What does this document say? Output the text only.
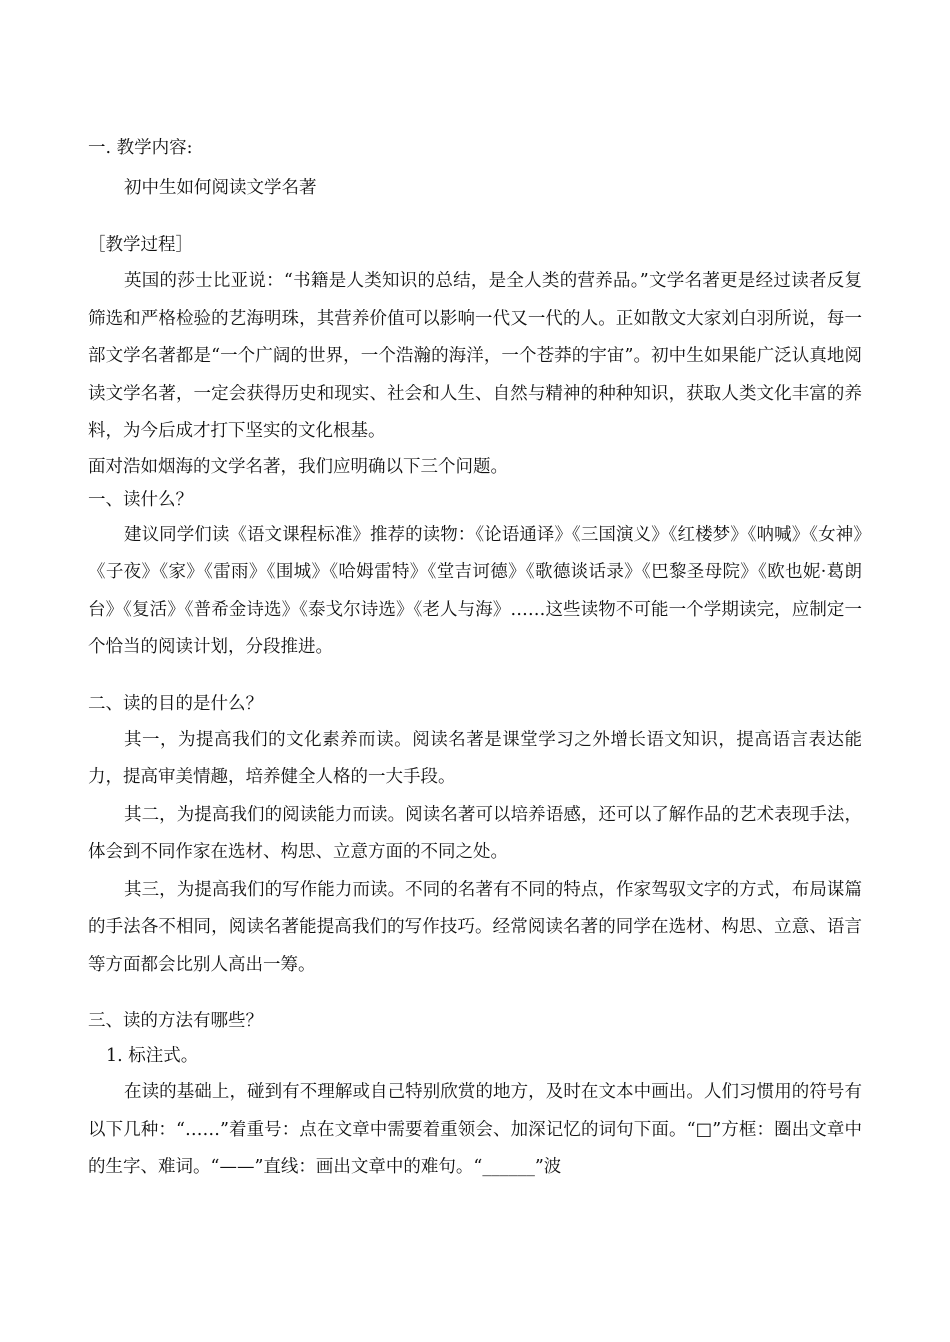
一. 教学内容:
初中生如何阅读文学名著
［教学过程］

英国的莎士比亚说：“书籍是人类知识的总结，是全人类的营养品。”文学名著更是经过读者反复筛选和严格检验的艺海明珠，其营养价值可以影响一代又一代的人。正如散文大家刘白羽所说，每一部文学名著都是“一个广阔的世界，一个浩瀚的海洋，一个苍莽的宇宙”。初中生如果能广泛认真地阅读文学名著，一定会获得历史和现实、社会和人生、自然与精神的种种知识，获取人类文化丰富的养料，为今后成才打下坚实的文化根基。

面对浩如烟海的文学名著，我们应明确以下三个问题。
一、读什么？

建议同学们读《语文课程标准》推荐的读物：《论语通译》《三国演义》《红楼梦》《呐喊》《女神》《子夜》《家》《雷雨》《围城》《哈姆雷特》《堂吉诃德》《歌德谈话录》《巴黎圣母院》《欧也妮·葛朗台》《复活》《普希金诗选》《泰戈尔诗选》《老人与海》……这些读物不可能一个学期读完，应制定一个恰当的阅读计划，分段推进。

二、读的目的是什么？

其一，为提高我们的文化素养而读。阅读名著是课堂学习之外增长语文知识，提高语言表达能力，提高审美情趣，培养健全人格的一大手段。

其二，为提高我们的阅读能力而读。阅读名著可以培养语感，还可以了解作品的艺术表现手法，体会到不同作家在选材、构思、立意方面的不同之处。

其三，为提高我们的写作能力而读。不同的名著有不同的特点，作家驾驭文字的方式，布局谋篇的手法各不相同，阅读名著能提高我们的写作技巧。经常阅读名著的同学在选材、构思、立意、语言等方面都会比别人高出一筹。

三、读的方法有哪些？
1. 标注式。

在读的基础上，碰到有不理解或自己特别欣赏的地方，及时在文本中画出。人们习惯用的符号有以下几种：“……”着重号：点在文章中需要着重领会、加深记忆的词句下面。“□”方框：圈出文章中的生字、难词。“——”直线：画出文章中的难句。“______”波
